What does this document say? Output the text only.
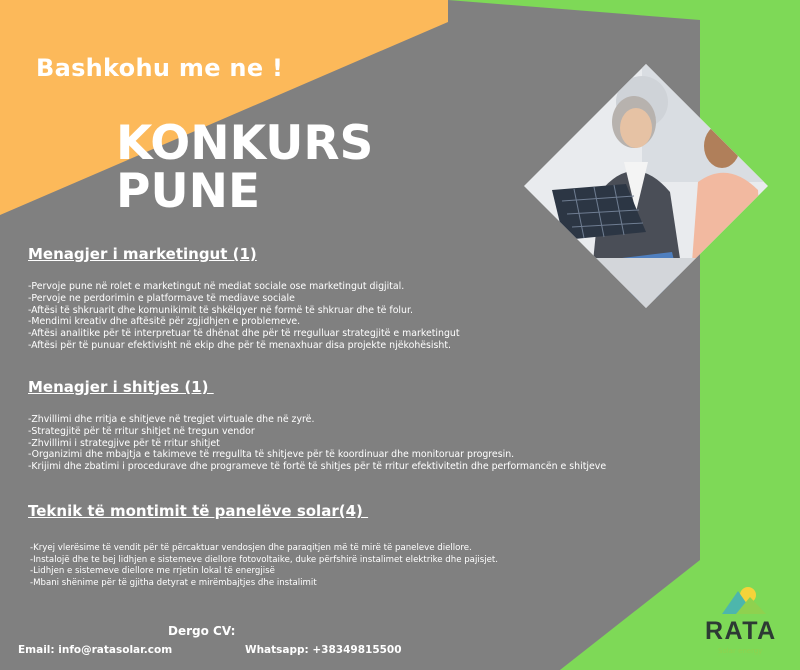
Bashkohu me ne !
KONKURS PUNE
Menagjer i marketingut (1)
-Pervoje pune në rolet e marketingut në mediat sociale ose marketingut digjital.
-Pervoje ne perdorimin e platformave të mediave sociale
-Aftësi të shkruarit dhe komunikimit të shkëlqyer në formë të shkruar dhe të folur.
-Mendimi kreativ dhe aftësitë për zgjidhjen e problemeve.
-Aftësi analitike për të interpretuar të dhënat dhe për të rregulluar strategjitë e marketingut
-Aftësi për të punuar efektivisht në ekip dhe për të menaxhuar disa projekte njëkohësisht.
Menagjer i shitjes (1)
-Zhvillimi dhe rritja e shitjeve në tregjet virtuale dhe në zyrë.
-Strategjitë për të rritur shitjet në tregun vendor
-Zhvillimi i strategjive për të rritur shitjet
-Organizimi dhe mbajtja e takimeve të rregullta të shitjeve për të koordinuar dhe monitoruar progresin.
-Krijimi dhe zbatimi i procedurave dhe programeve të fortë të shitjes për të rritur efektivitetin dhe performancën e shitjeve
Teknik të montimit të panelëve solar(4)
-Kryej vlerësime të vendit për të përcaktuar vendosjen dhe paraqitjen më të mirë të paneleve diellore.
-Instalojë dhe te bej lidhjen e sistemeve diellore fotovoltaike, duke përfshirë instalimet elektrike dhe pajisjet.
-Lidhjen e sistemeve diellore me rrjetin lokal të energjisë
-Mbani shënime për të gjitha detyrat e mirëmbajtjes dhe instalimit
Dergo CV:
Email: info@ratasolar.com	Whatsapp: +38349815500
RATA
Solar energy
